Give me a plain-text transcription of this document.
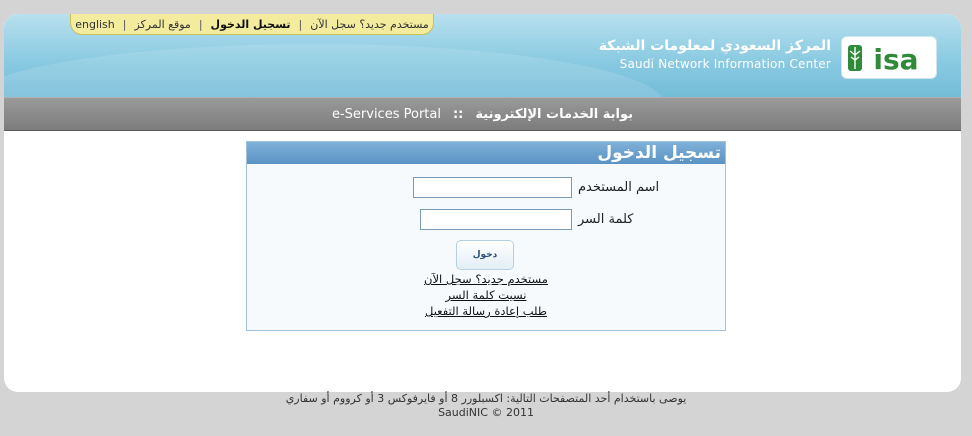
english | موقع المركز | تسجيل الدخول | مستخدم جديد؟ سجل الآن
المركز السعودي لمعلومات الشبكة
Saudi Network Information Center isa
e-Services Portal :: بوابة الخدمات الإلكترونية
تسجيل الدخول
اسم المستخدم
كلمة السر
دخول
مستخدم جديد؟ سجل الآن
نسيت كلمة السر
طلب إعادة رسالة التفعيل
يوصى باستخدام أحد المتصفحات التالية: اكسبلورر 8 أو فايرفوكس 3 أو كرووم أو سفاري
SaudiNIC © 2011
